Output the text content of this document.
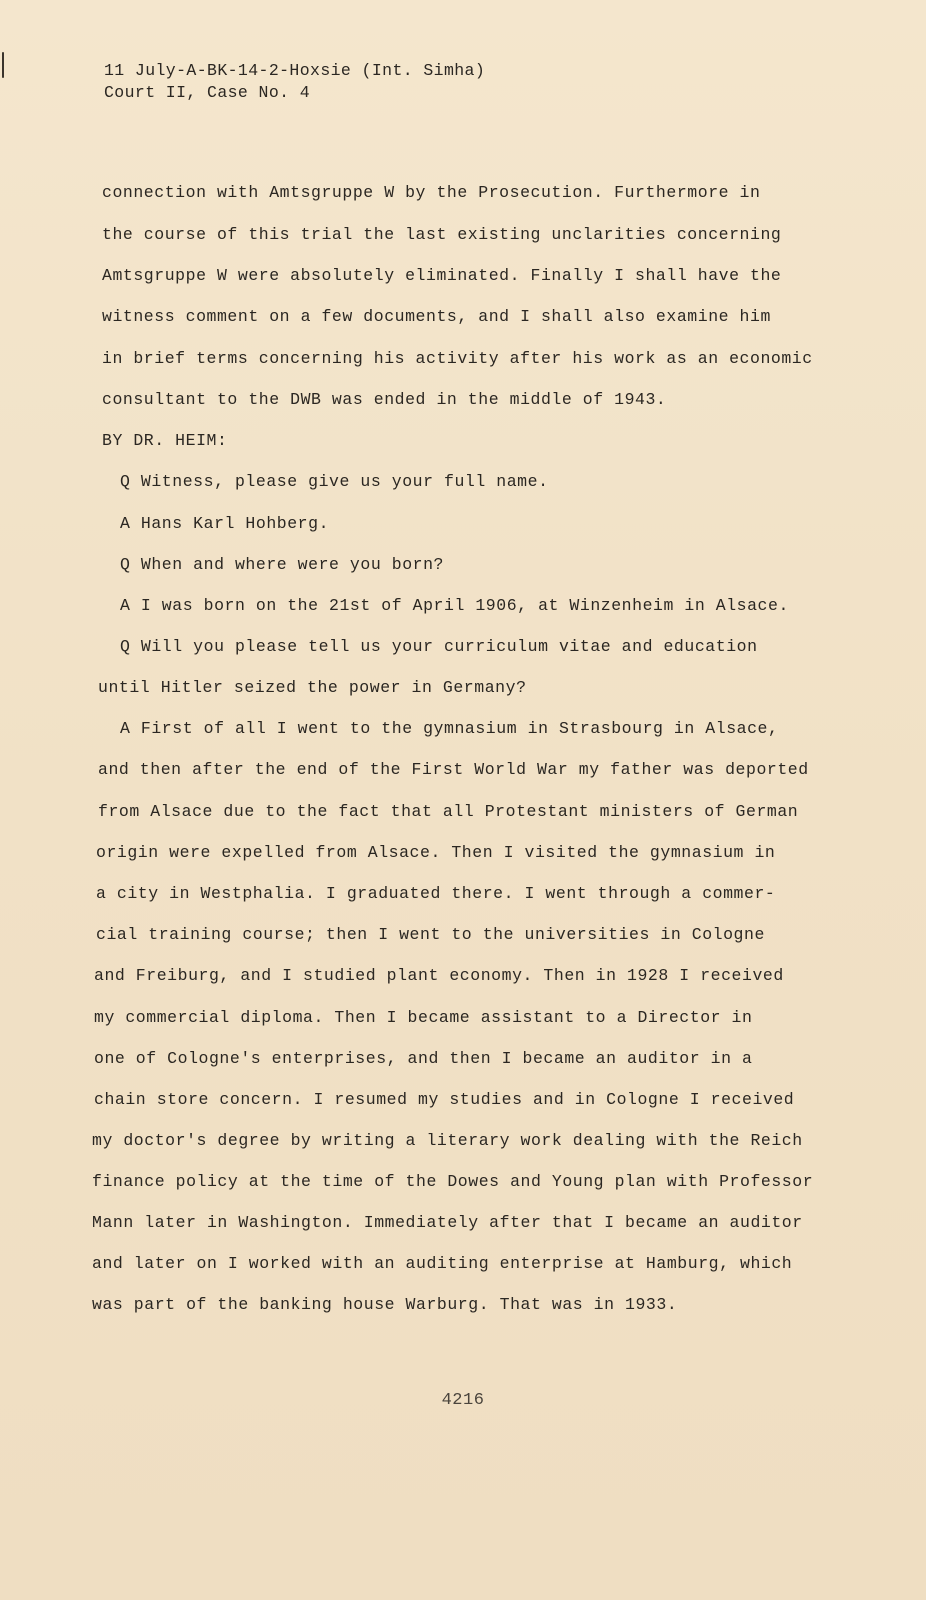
11 July-A-BK-14-2-Hoxsie (Int. Simha)
Court II, Case No. 4
connection with Amtsgruppe W by the Prosecution. Furthermore in
the course of this trial the last existing unclarities concerning
Amtsgruppe W were absolutely eliminated. Finally I shall have the
witness comment on a few documents, and I shall also examine him
in brief terms concerning his activity after his work as an economic
consultant to the DWB was ended in the middle of 1943.
BY DR. HEIM:
Q Witness, please give us your full name.
A Hans Karl Hohberg.
Q When and where were you born?
A I was born on the 21st of April 1906, at Winzenheim in Alsace.
Q Will you please tell us your curriculum vitae and education
until Hitler seized the power in Germany?
A First of all I went to the gymnasium in Strasbourg in Alsace,
and then after the end of the First World War my father was deported
from Alsace due to the fact that all Protestant ministers of German
origin were expelled from Alsace. Then I visited the gymnasium in
a city in Westphalia. I graduated there. I went through a commer-
cial training course; then I went to the universities in Cologne
and Freiburg, and I studied plant economy. Then in 1928 I received
my commercial diploma. Then I became assistant to a Director in
one of Cologne's enterprises, and then I became an auditor in a
chain store concern. I resumed my studies and in Cologne I received
my doctor's degree by writing a literary work dealing with the Reich
finance policy at the time of the Dowes and Young plan with Professor
Mann later in Washington. Immediately after that I became an auditor
and later on I worked with an auditing enterprise at Hamburg, which
was part of the banking house Warburg. That was in 1933.
4216
